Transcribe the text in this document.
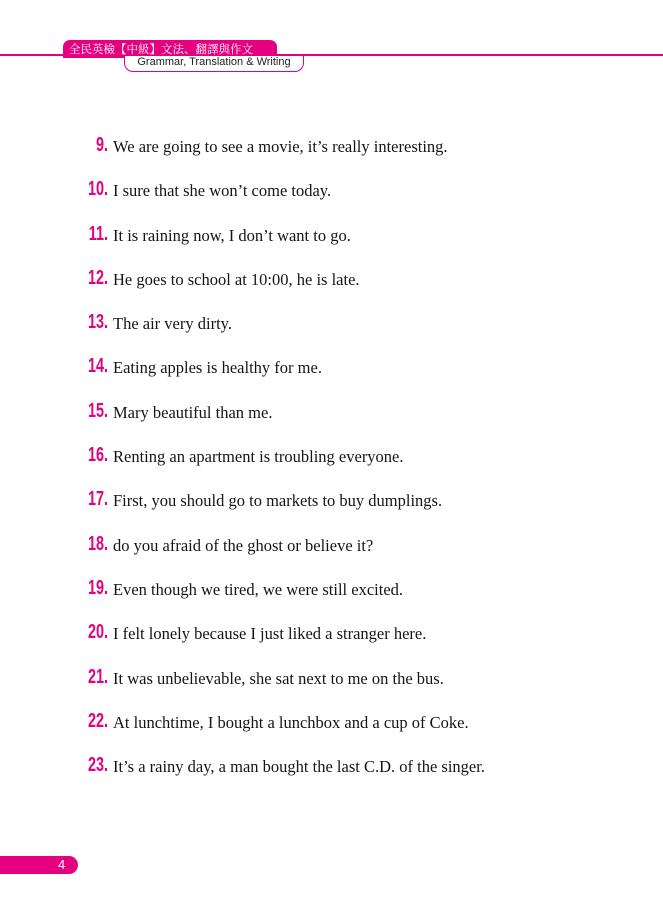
全民英檢【中級】文法、翻譯與作文
Grammar, Translation & Writing
9. We are going to see a movie, it’s really interesting.
10. I sure that she won’t come today.
11. It is raining now, I don’t want to go.
12. He goes to school at 10:00, he is late.
13. The air very dirty.
14. Eating apples is healthy for me.
15. Mary beautiful than me.
16. Renting an apartment is troubling everyone.
17. First, you should go to markets to buy dumplings.
18. do you afraid of the ghost or believe it?
19. Even though we tired, we were still excited.
20. I felt lonely because I just liked a stranger here.
21. It was unbelievable, she sat next to me on the bus.
22. At lunchtime, I bought a lunchbox and a cup of Coke.
23. It’s a rainy day, a man bought the last C.D. of the singer.
4
